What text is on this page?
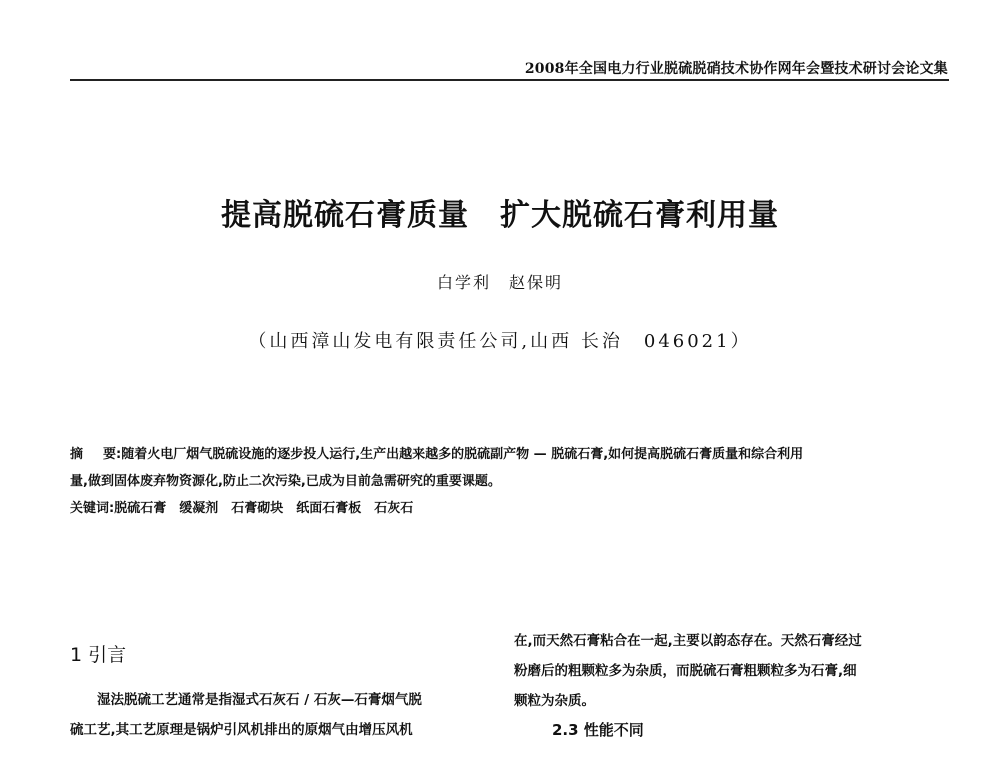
2008年全国电力行业脱硫脱硝技术协作网年会暨技术研讨会论文集
提高脱硫石膏质量　扩大脱硫石膏利用量
白学利　赵保明
（山西漳山发电有限责任公司,山西 长治　046021）

摘 要:随着火电厂烟气脱硫设施的逐步投人运行,生产出越来越多的脱硫副产物 — 脱硫石膏,如何提高脱硫石膏质量和综合利用

量,做到固体废弃物资源化,防止二次污染,已成为目前急需研究的重要课题。

关键词:脱硫石膏　缓凝剂　石膏砌块　纸面石膏板　石灰石

1 引言

湿法脱硫工艺通常是指湿式石灰石 / 石灰—石膏烟气脱

硫工艺,其工艺原理是锅炉引风机排出的原烟气由增压风机

在,而天然石膏粘合在一起,主要以韵态存在。天然石膏经过

粉磨后的粗颗粒多为杂质，而脱硫石膏粗颗粒多为石膏,细

颗粒为杂质。

2.3 性能不同
